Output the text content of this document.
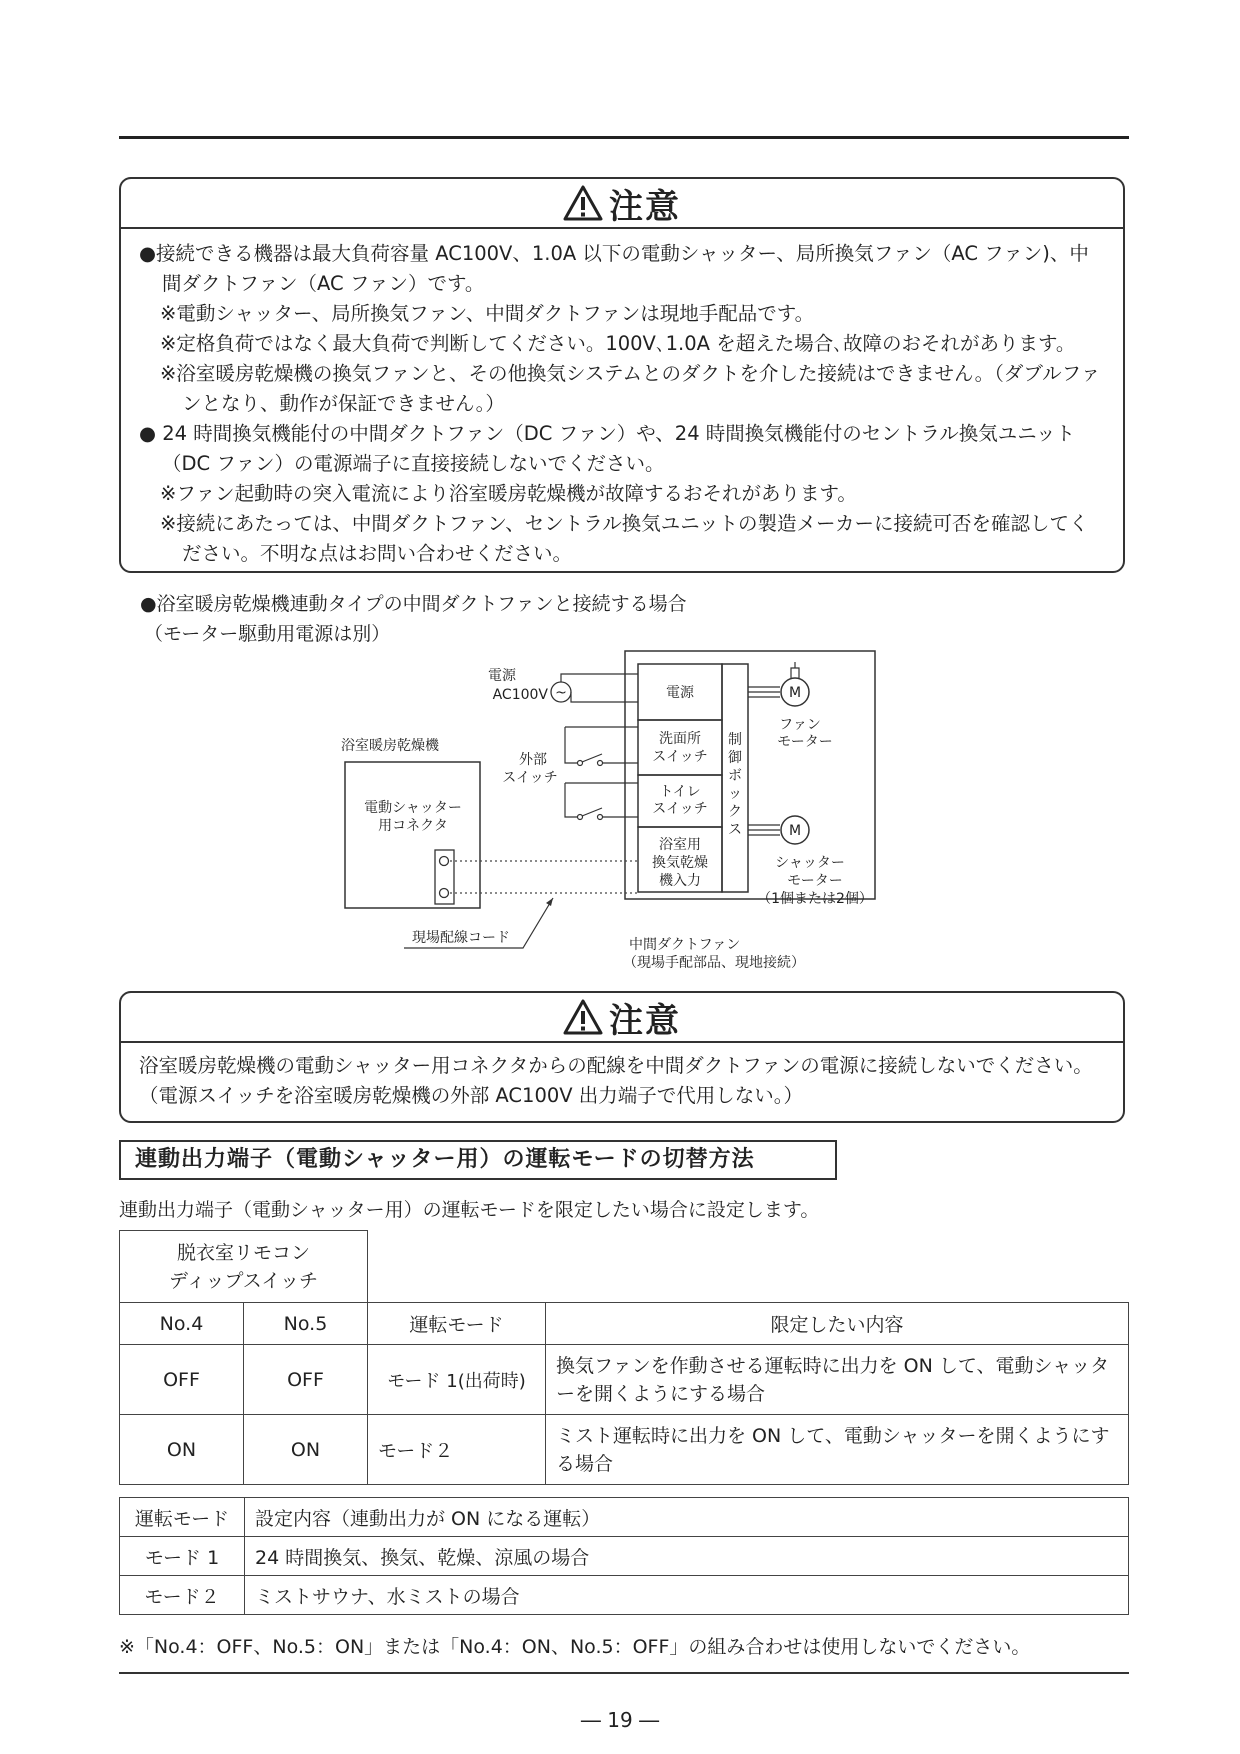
注意

●接続できる機器は最大負荷容量 AC100V、1.0A 以下の電動シャッター、局所換気ファン（AC ファン)、中間ダクトファン（AC ファン）です。

※電動シャッター、局所換気ファン、中間ダクトファンは現地手配品です。

※定格負荷ではなく最大負荷で判断してください。100V､1.0A を超えた場合､故障のおそれがあります。

※浴室暖房乾燥機の換気ファンと、その他換気システムとのダクトを介した接続はできません。（ダブルファンとなり、動作が保証できません。）

● 24 時間換気機能付の中間ダクトファン（DC ファン）や、24 時間換気機能付のセントラル換気ユニット（DC ファン）の電源端子に直接接続しないでください。

※ファン起動時の突入電流により浴室暖房乾燥機が故障するおそれがあります。

※接続にあたっては、中間ダクトファン、セントラル換気ユニットの製造メーカーに接続可否を確認してください。不明な点はお問い合わせください。

●浴室暖房乾燥機連動タイプの中間ダクトファンと接続する場合

（モーター駆動用電源は別）

電源
洗面所
スイッチ
トイレ
スイッチ
浴室用
換気乾燥
機入力
制
御
ボ
ッ
ク
ス
M
ファン
モーター
M
シャッター
モーター
（1個または2個）
電源
AC100V ~
外部
スイッチ
浴室暖房乾燥機
電動シャッター
用コネクタ
現場配線コード	中間ダクトファン
（現場手配部品、現地接続）
注意

浴室暖房乾燥機の電動シャッター用コネクタからの配線を中間ダクトファンの電源に接続しないでください。（電源スイッチを浴室暖房乾燥機の外部 AC100V 出力端子で代用しない。）

連動出力端子（電動シャッター用）の運転モードの切替方法
連動出力端子（電動シャッター用）の運転モードを限定したい場合に設定します。
脱衣室リモコン
ディップスイッチ			
No.4	No.5	運転モード	限定したい内容
OFF	OFF	モード 1(出荷時)	換気ファンを作動させる運転時に出力を ON して、電動シャッターを開くようにする場合
ON	ON	モード２	ミスト運転時に出力を ON して、電動シャッターを開くようにする場合
運転モード	設定内容（連動出力が ON になる運転）
モード 1	24 時間換気、換気、乾燥、涼風の場合
モード２	ミストサウナ、水ミストの場合
※「No.4：OFF、No.5：ON」または「No.4：ON、No.5：OFF」の組み合わせは使用しないでください。
― 19 ―
